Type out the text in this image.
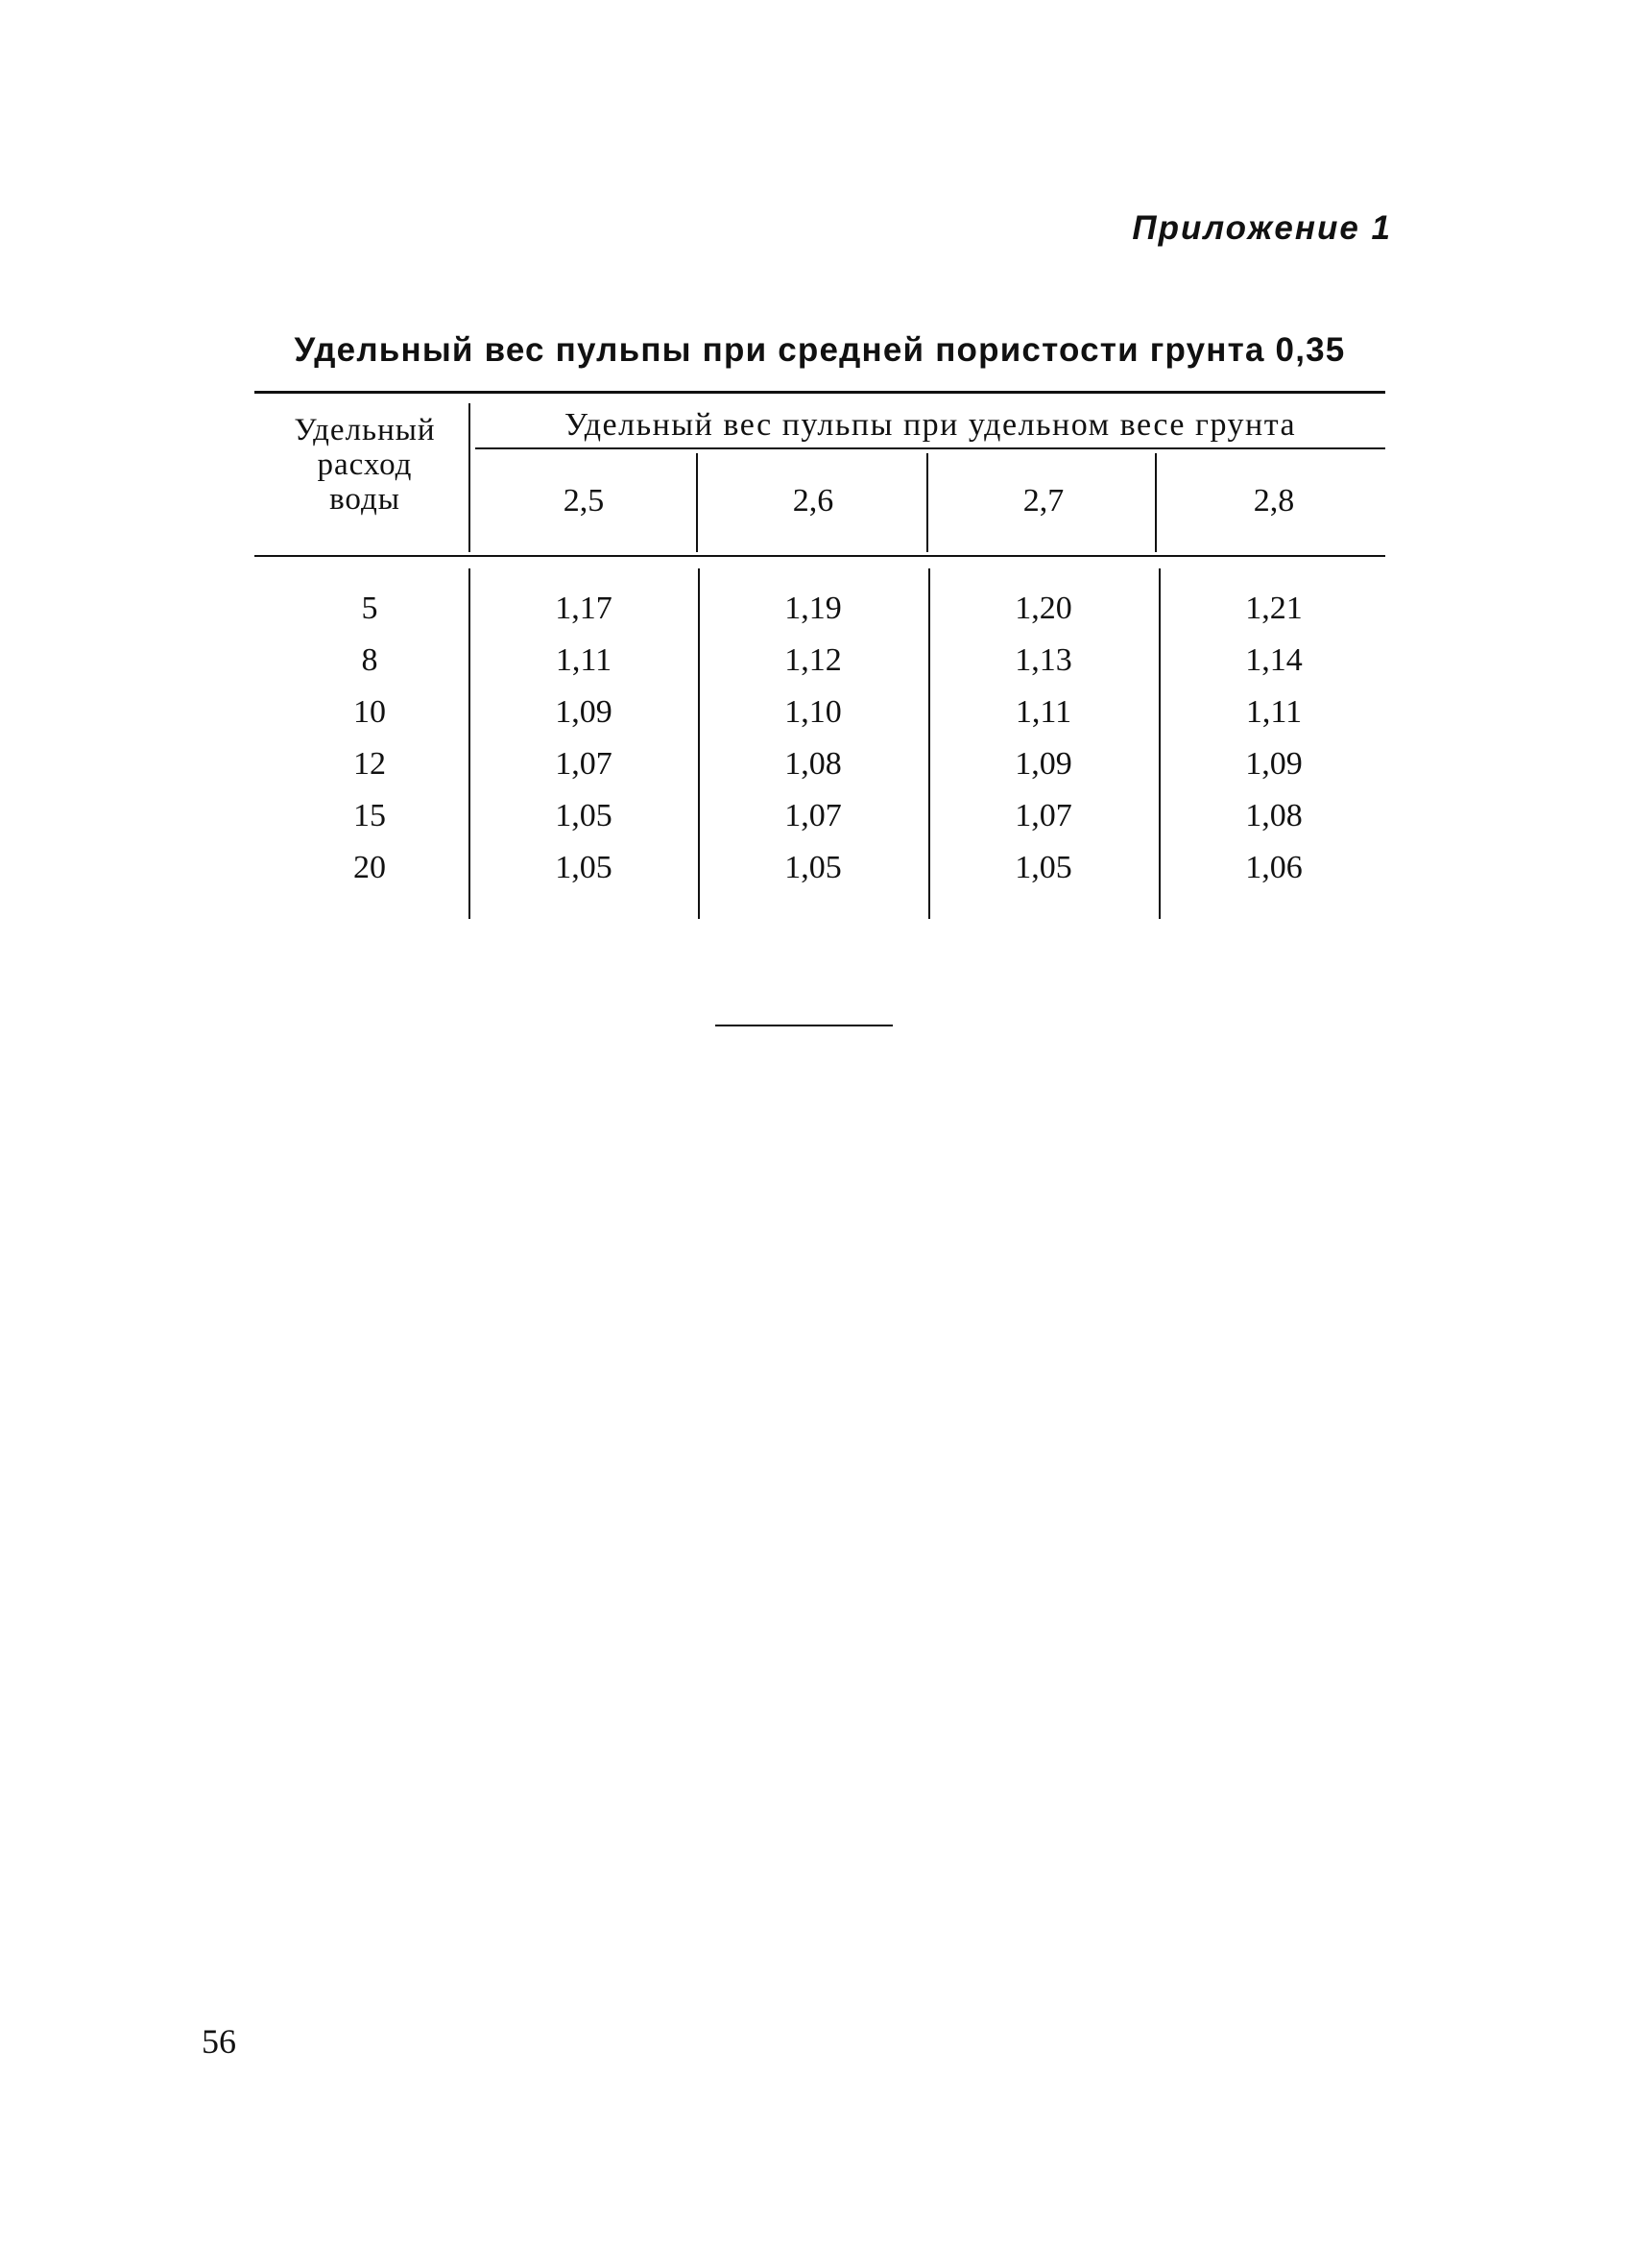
Приложение 1
Удельный вес пульпы при средней пористости грунта 0,35
Удельный
расход
воды
Удельный вес пульпы при удельном весе грунта
2,5	2,6	2,7	2,8
5	1,17	1,19	1,20	1,21
8	1,11	1,12	1,13	1,14
10	1,09	1,10	1,11	1,11
12	1,07	1,08	1,09	1,09
15	1,05	1,07	1,07	1,08
20	1,05	1,05	1,05	1,06
56
